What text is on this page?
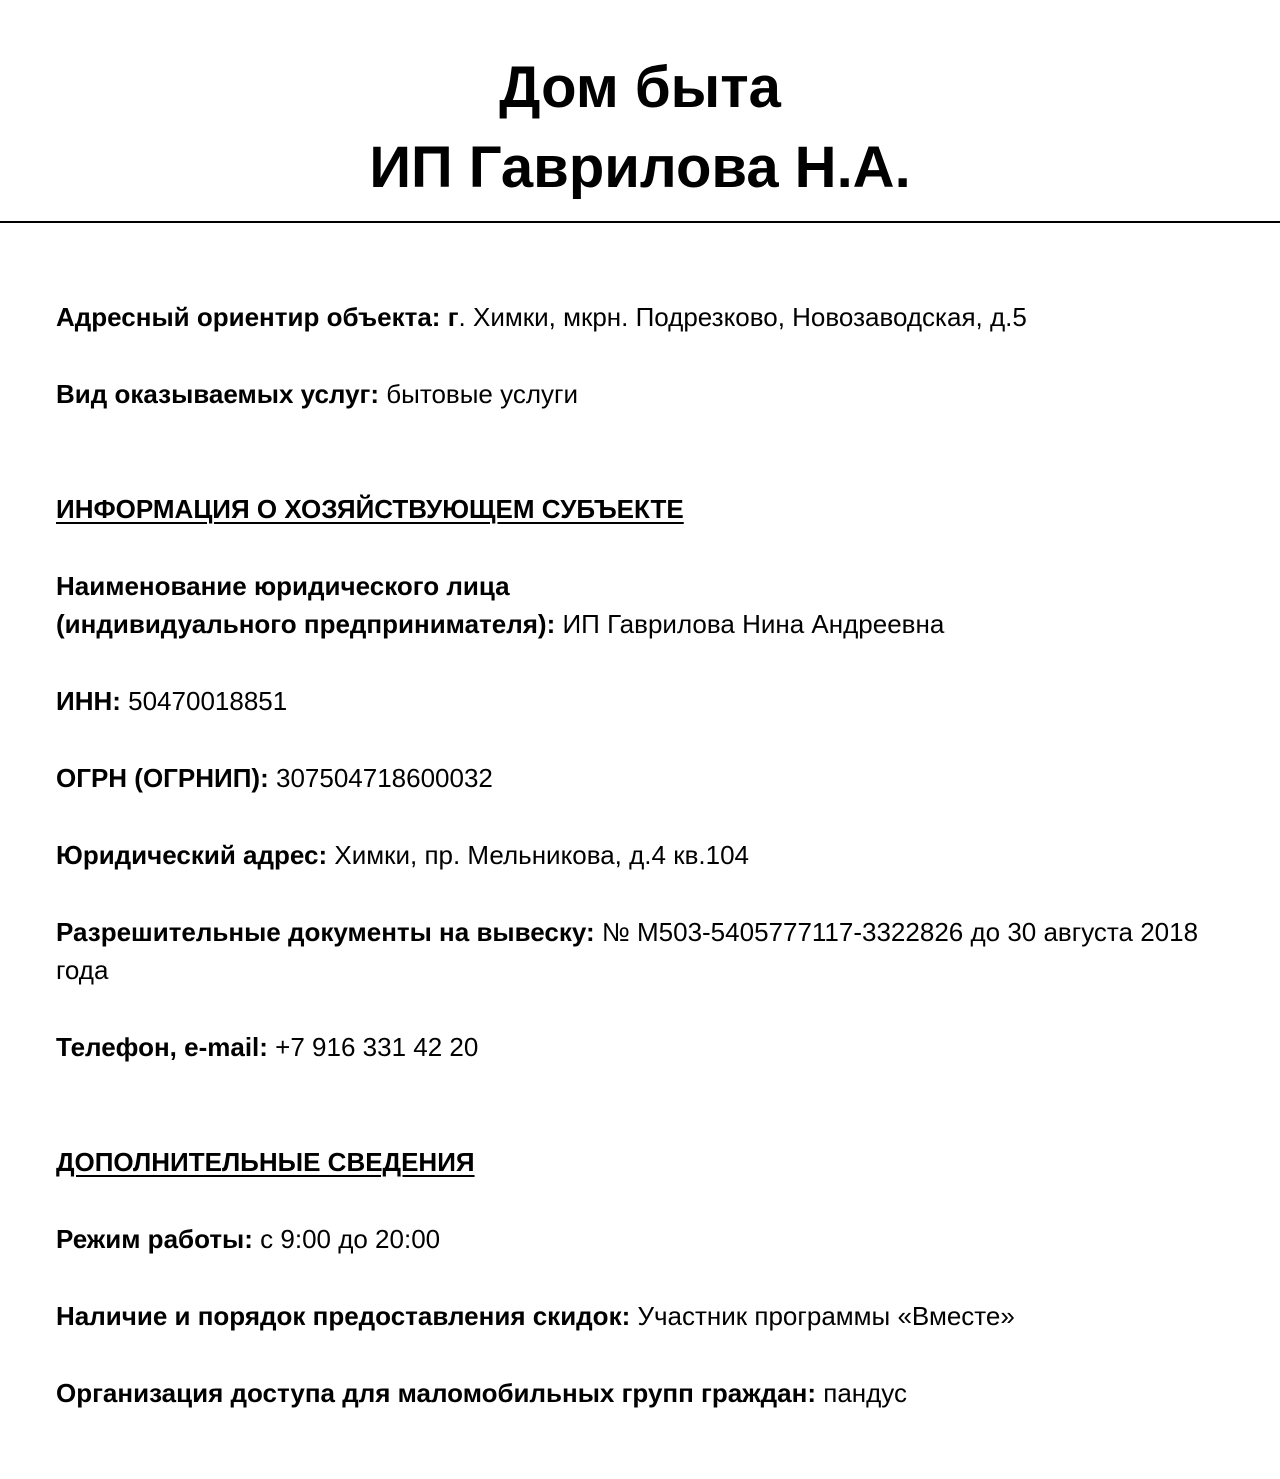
Дом быта
ИП Гаврилова Н.А.

Адресный ориентир объекта: г. Химки, мкрн. Подрезково, Новозаводская, д.5

Вид оказываемых услуг: бытовые услуги

ИНФОРМАЦИЯ О ХОЗЯЙСТВУЮЩЕМ СУБЪЕКТЕ

Наименование юридического лица
(индивидуального предпринимателя): ИП Гаврилова Нина Андреевна

ИНН: 50470018851

ОГРН (ОГРНИП): 307504718600032

Юридический адрес: Химки, пр. Мельникова, д.4 кв.104

Разрешительные документы на вывеску: № М503-5405777117-3322826 до 30 августа 2018 года

Телефон, e-mail: +7 916 331 42 20

ДОПОЛНИТЕЛЬНЫЕ СВЕДЕНИЯ

Режим работы: с 9:00 до 20:00

Наличие и порядок предоставления скидок: Участник программы «Вместе»

Организация доступа для маломобильных групп граждан: пандус
